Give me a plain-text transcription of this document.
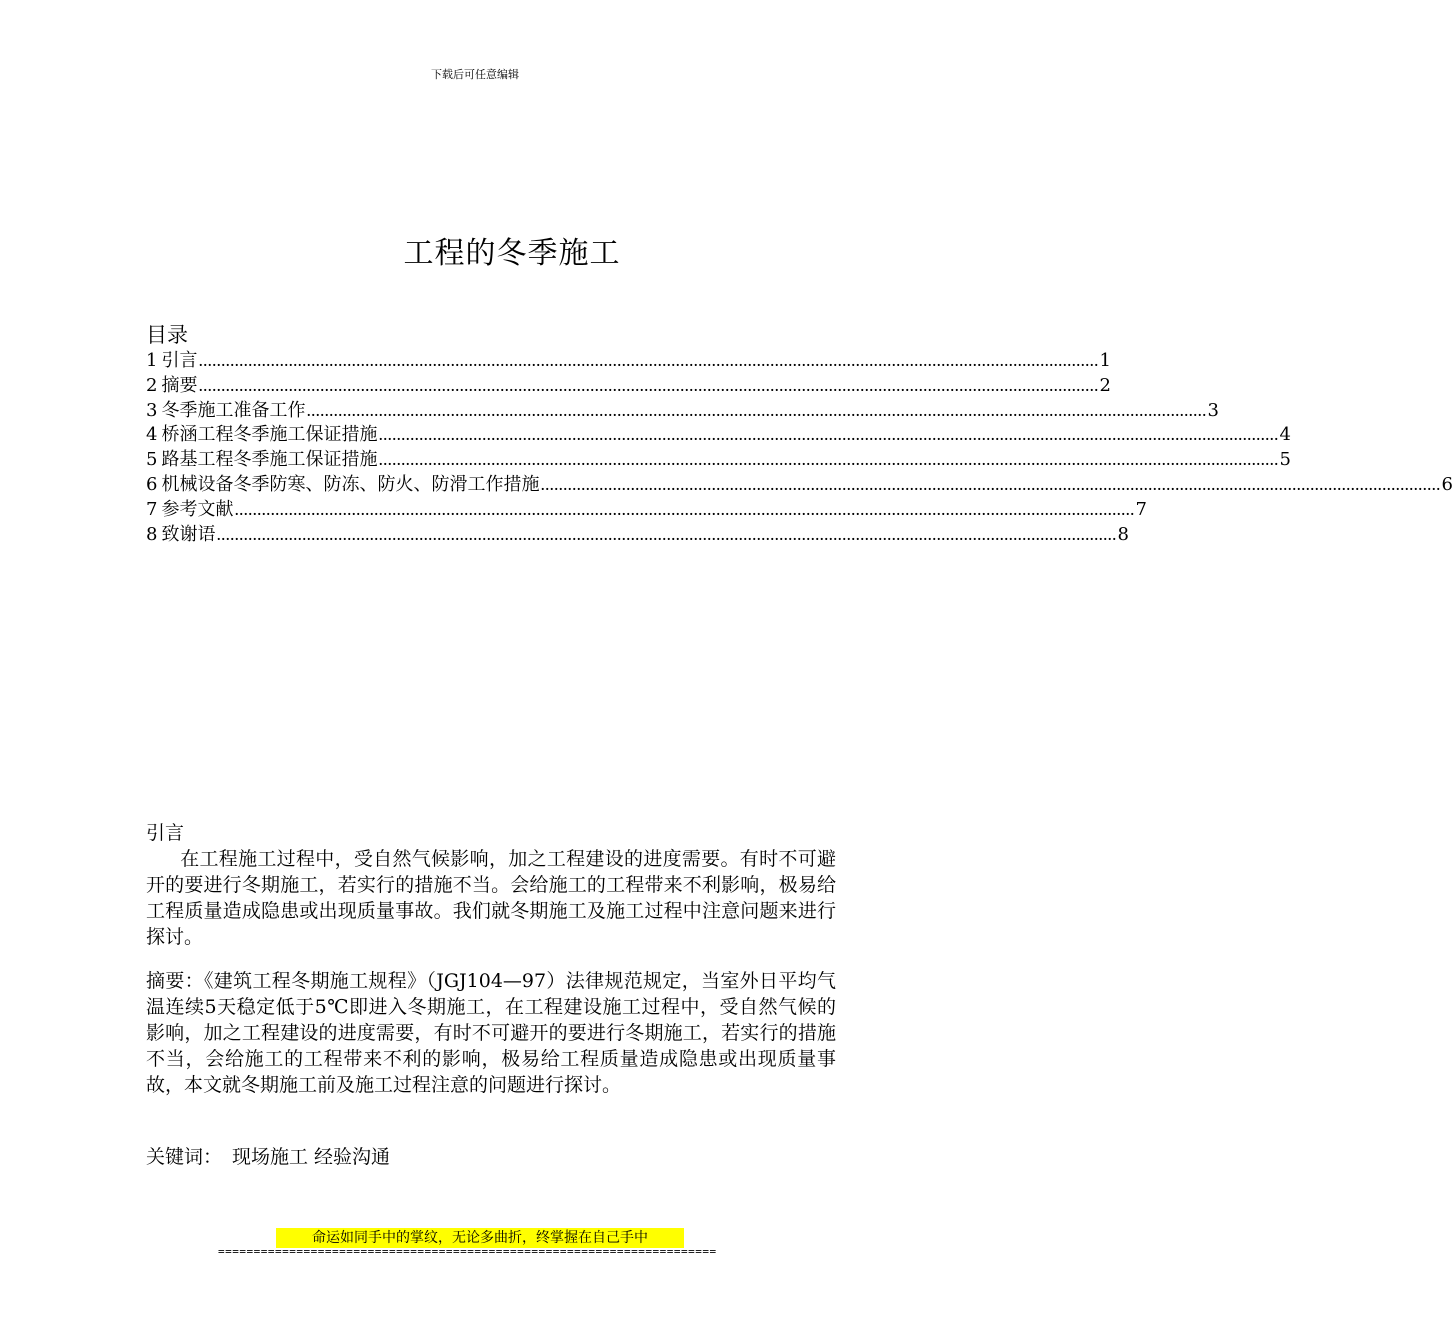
下载后可任意编辑
工程的冬季施工
目录
1 引言 ........................................................................................................................................................................................................ 1
2 摘要 ........................................................................................................................................................................................................ 2
3 冬季施工准备工作 ........................................................................................................................................................................................................ 3
4 桥涵工程冬季施工保证措施 ........................................................................................................................................................................................................ 4
5 路基工程冬季施工保证措施 ........................................................................................................................................................................................................ 5
6 机械设备冬季防寒、防冻、防火、防滑工作措施 ........................................................................................................................................................................................................ 6
7 参考文献 ........................................................................................................................................................................................................ 7
8 致谢语 ........................................................................................................................................................................................................ 8
引言

在工程施工过程中，受自然气候影响，加之工程建设的进度需要。有时不可避开的要进行冬期施工，若实行的措施不当。会给施工的工程带来不利影响，极易给工程质量造成隐患或出现质量事故。我们就冬期施工及施工过程中注意问题来进行探讨。

摘要：《建筑工程冬期施工规程》（JGJ104—97）法律规范规定，当室外日平均气温连续5天稳定低于5℃即进入冬期施工，在工程建设施工过程中，受自然气候的影响，加之工程建设的进度需要，有时不可避开的要进行冬期施工，若实行的措施不当，会给施工的工程带来不利的影响，极易给工程质量造成隐患或出现质量事故，本文就冬期施工前及施工过程注意的问题进行探讨。

关键词： 现场施工 经验沟通
命运如同手中的掌纹，无论多曲折，终掌握在自己手中
======================================================================
